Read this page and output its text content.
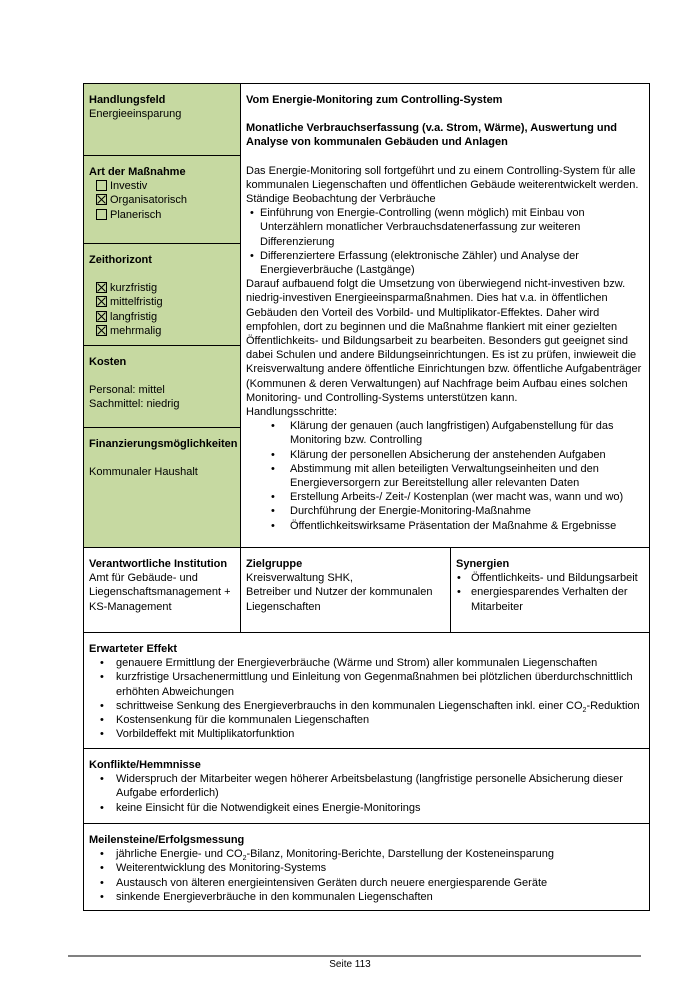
Handlungsfeld
Energieeinsparung
Art der Maßnahme
Investiv
Organisatorisch
Planerisch
Zeithorizont
kurzfristig
mittelfristig
langfristig
mehrmalig
Kosten
Personal: mittel
Sachmittel: niedrig
Finanzierungsmöglichkeiten
Kommunaler Haushalt
Vom Energie-Monitoring zum Controlling-System
Monatliche Verbrauchserfassung (v.a. Strom, Wärme), Auswertung und Analyse von kommunalen Gebäuden und Anlagen
Das Energie-Monitoring soll fortgeführt und zu einem Controlling-System für alle kommunalen Liegenschaften und öffentlichen Gebäude weiterentwickelt werden. Ständige Beobachtung der Verbräuche
• Einführung von Energie-Controlling (wenn möglich) mit Einbau von Unterzählern monatlicher Verbrauchsdatenerfassung zur weiteren Differenzierung
• Differenziertere Erfassung (elektronische Zähler) und Analyse der Energieverbräuche (Lastgänge)
Darauf aufbauend folgt die Umsetzung von überwiegend nicht-investiven bzw. niedrig-investiven Energieeinsparmaßnahmen. Dies hat v.a. in öffentlichen Gebäuden den Vorteil des Vorbild- und Multiplikator-Effektes. Daher wird empfohlen, dort zu beginnen und die Maßnahme flankiert mit einer gezielten Öffentlichkeits- und Bildungsarbeit zu bearbeiten. Besonders gut geeignet sind dabei Schulen und andere Bildungseinrichtungen. Es ist zu prüfen, inwieweit die Kreisverwaltung andere öffentliche Einrichtungen bzw. öffentliche Aufgabenträger (Kommunen & deren Verwaltungen) auf Nachfrage beim Aufbau eines solchen Monitoring- und Controlling-Systems unterstützen kann.
Handlungsschritte:
• Klärung der genauen (auch langfristigen) Aufgabenstellung für das Monitoring bzw. Controlling
• Klärung der personellen Absicherung der anstehenden Aufgaben
• Abstimmung mit allen beteiligten Verwaltungseinheiten und den Energieversorgern zur Bereitstellung aller relevanten Daten
• Erstellung Arbeits-/ Zeit-/ Kostenplan (wer macht was, wann und wo)
• Durchführung der Energie-Monitoring-Maßnahme
• Öffentlichkeitswirksame Präsentation der Maßnahme & Ergebnisse
Verantwortliche Institution
Amt für Gebäude- und Liegenschaftsmanagement + KS-Management
Zielgruppe
Kreisverwaltung SHK,
Betreiber und Nutzer der kommunalen Liegenschaften
Synergien
• Öffentlichkeits- und Bildungsarbeit
• energiesparendes Verhalten der Mitarbeiter
Erwarteter Effekt
• genauere Ermittlung der Energieverbräuche (Wärme und Strom) aller kommunalen Liegenschaften
• kurzfristige Ursachenermittlung und Einleitung von Gegenmaßnahmen bei plötzlichen überdurchschnittlich erhöhten Abweichungen
• schrittweise Senkung des Energieverbrauchs in den kommunalen Liegenschaften inkl. einer $CO_2$-Reduktion
• Kostensenkung für die kommunalen Liegenschaften
• Vorbildeffekt mit Multiplikatorfunktion
Konflikte/Hemmnisse
• Widerspruch der Mitarbeiter wegen höherer Arbeitsbelastung (langfristige personelle Absicherung dieser Aufgabe erforderlich)
• keine Einsicht für die Notwendigkeit eines Energie-Monitorings
Meilensteine/Erfolgsmessung
• jährliche Energie- und $CO_2$-Bilanz, Monitoring-Berichte, Darstellung der Kosteneinsparung
• Weiterentwicklung des Monitoring-Systems
• Austausch von älteren energieintensiven Geräten durch neuere energiesparende Geräte
• sinkende Energieverbräuche in den kommunalen Liegenschaften
Seite 113
